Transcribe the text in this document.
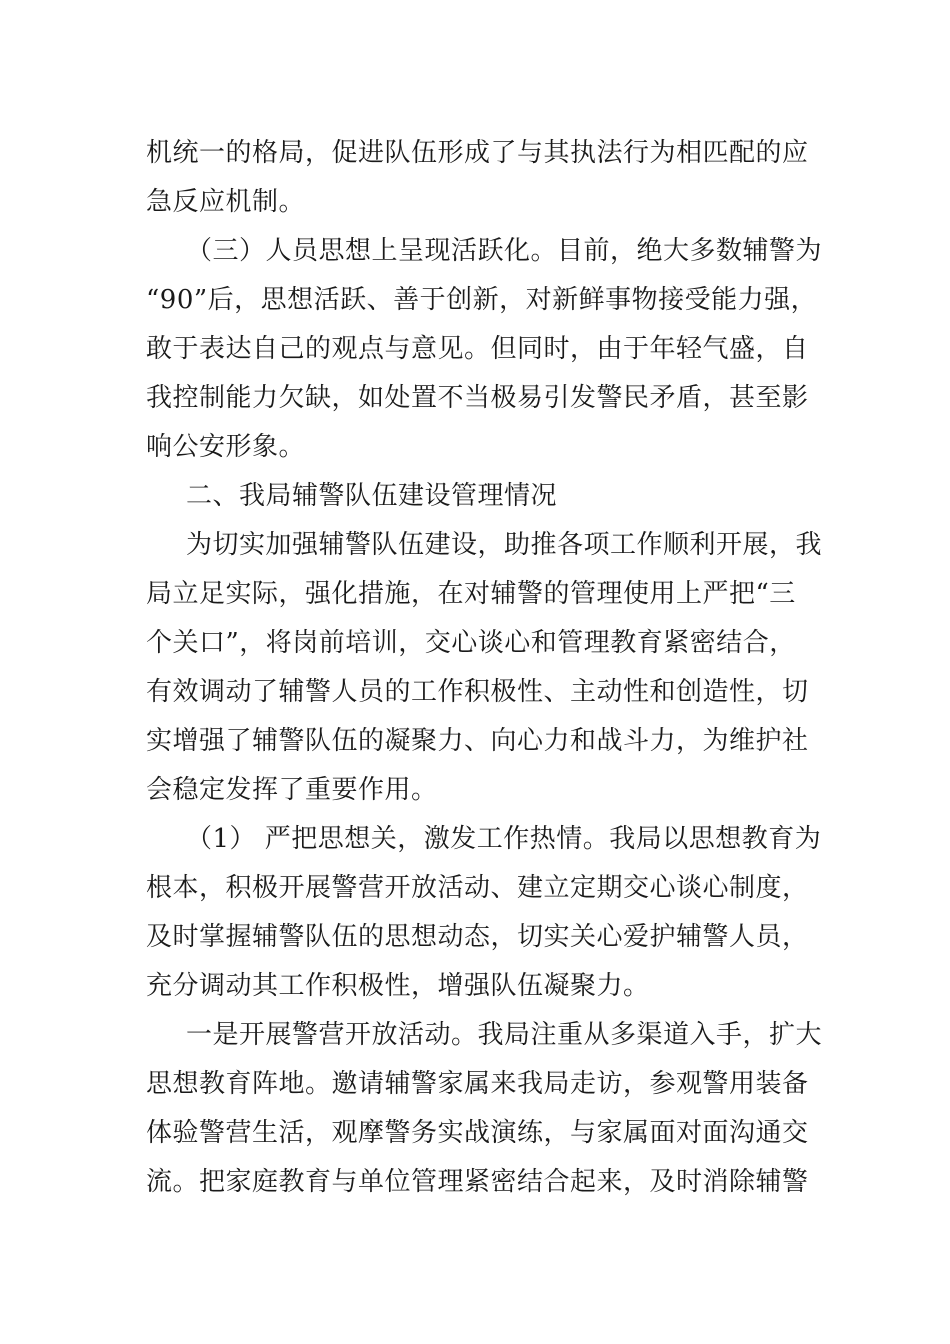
机统一的格局，促进队伍形成了与其执法行为相匹配的应
急反应机制。
（三）人员思想上呈现活跃化。目前，绝大多数辅警为
“90”后，思想活跃、善于创新，对新鲜事物接受能力强，
敢于表达自己的观点与意见。但同时，由于年轻气盛，自
我控制能力欠缺，如处置不当极易引发警民矛盾，甚至影
响公安形象。
二、我局辅警队伍建设管理情况
为切实加强辅警队伍建设，助推各项工作顺利开展，我
局立足实际，强化措施，在对辅警的管理使用上严把“三
个关口”，将岗前培训，交心谈心和管理教育紧密结合，
有效调动了辅警人员的工作积极性、主动性和创造性，切
实增强了辅警队伍的凝聚力、向心力和战斗力，为维护社
会稳定发挥了重要作用。
（1） 严把思想关，激发工作热情。我局以思想教育为
根本，积极开展警营开放活动、建立定期交心谈心制度，
及时掌握辅警队伍的思想动态，切实关心爱护辅警人员，
充分调动其工作积极性，增强队伍凝聚力。
一是开展警营开放活动。我局注重从多渠道入手，扩大
思想教育阵地。邀请辅警家属来我局走访，参观警用装备
体验警营生活，观摩警务实战演练，与家属面对面沟通交
流。把家庭教育与单位管理紧密结合起来，及时消除辅警
